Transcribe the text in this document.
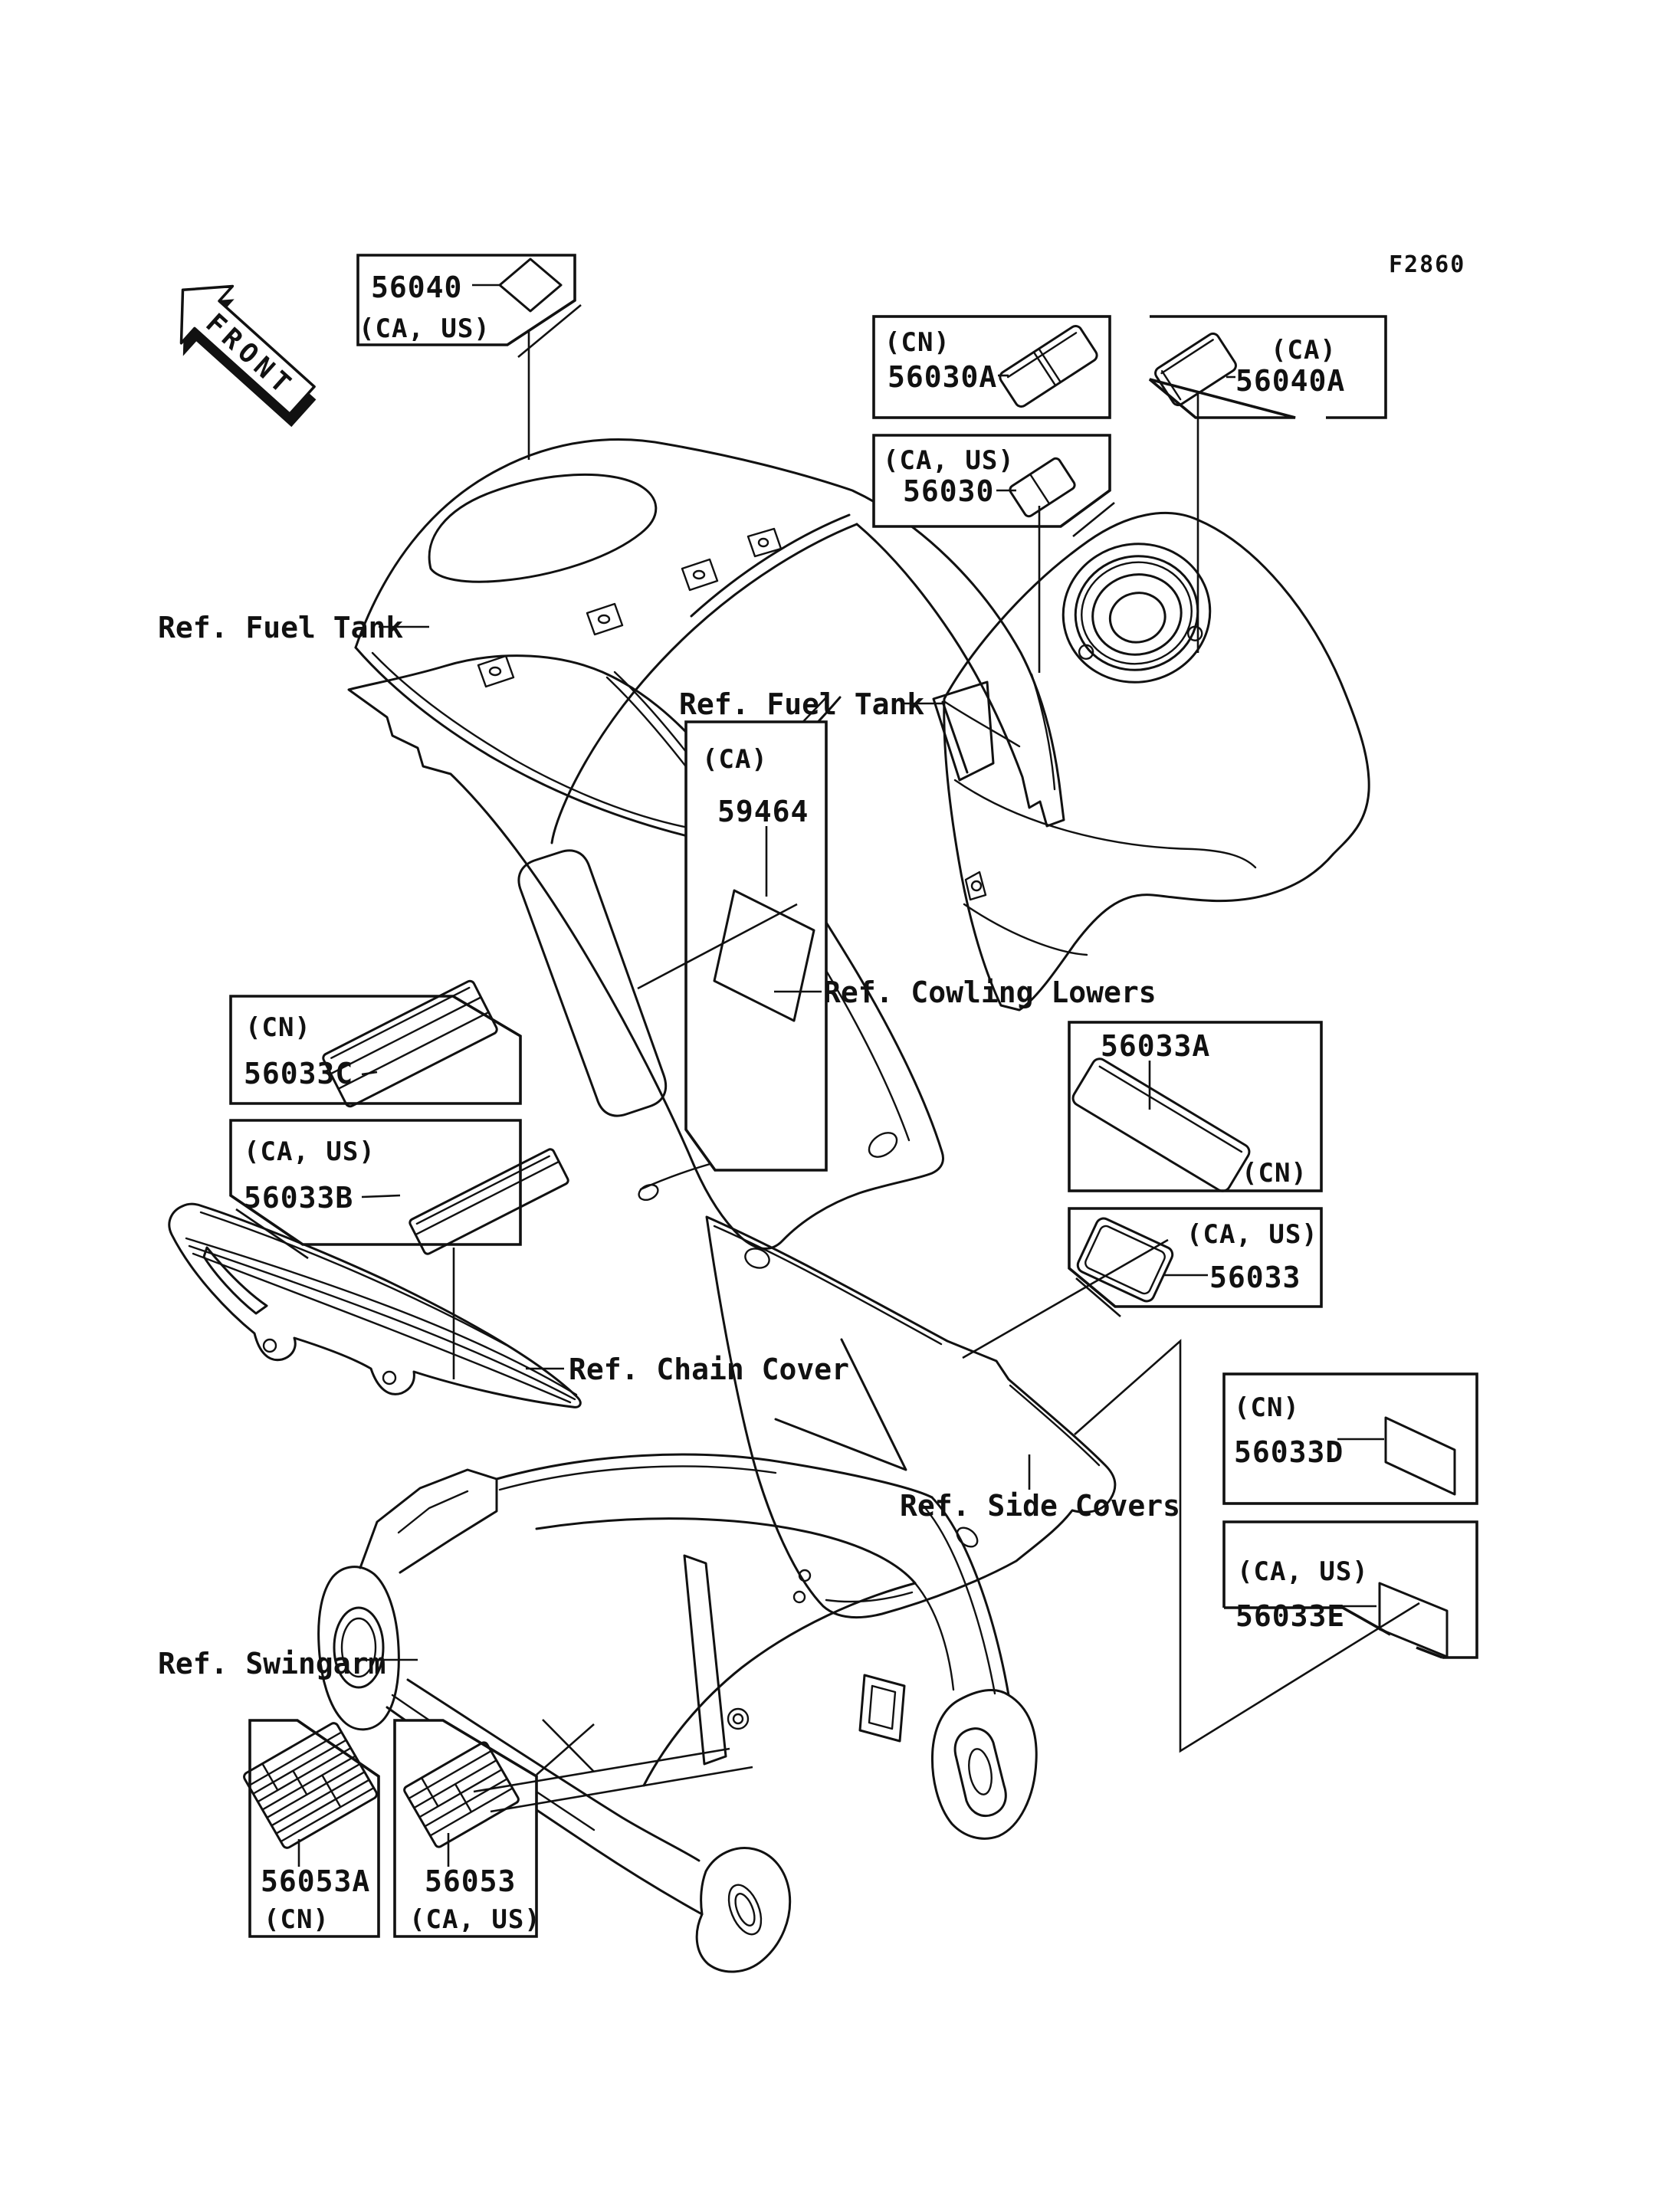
F2860
56040
(CA, US)	(CN)
56030A
(CA)
56040A
(CA, US)
56030
Ref. Fuel Tank
Ref. Fuel Tank
(CA)
59464
Ref. Cowling Lowers
(CN)
56033C
(CA, US)
56033B
56033A
(CN)
(CA, US)
56033
Ref. Chain Cover
(CN)
56033D
Ref. Side Covers
(CA, US)
56033E
Ref. Swingarm
56053A
(CN)
56053
(CA, US)
FRONT
